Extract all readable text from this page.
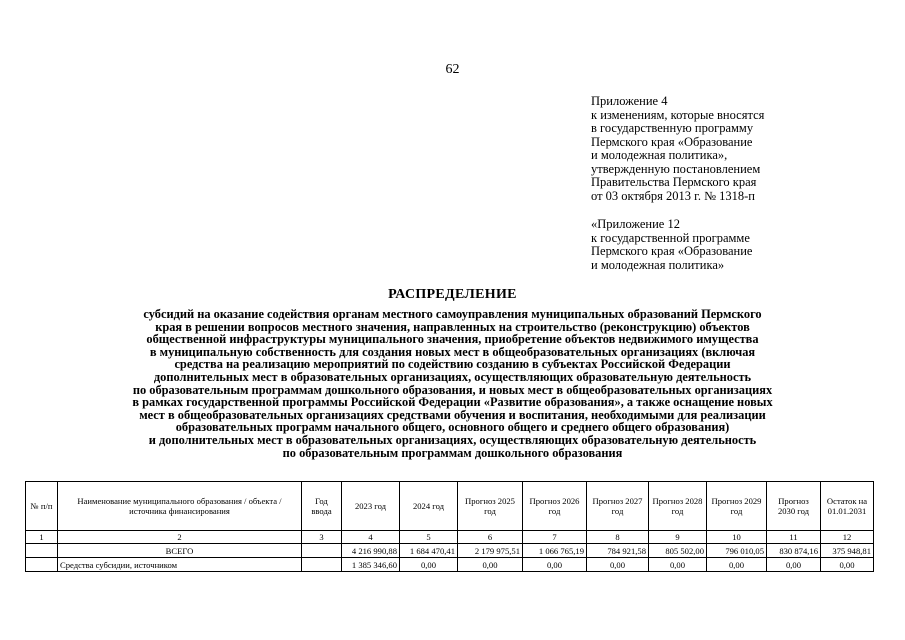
62
Приложение 4
к изменениям, которые вносятся
в государственную программу
Пермского края «Образование
и молодежная политика»,
утвержденную постановлением
Правительства Пермского края
от 03 октября 2013 г. № 1318-п
«Приложение 12
к государственной программе
Пермского края «Образование
и молодежная политика»
РАСПРЕДЕЛЕНИЕ
субсидий на оказание содействия органам местного самоуправления муниципальных образований Пермского
края в решении вопросов местного значения, направленных на строительство (реконструкцию) объектов
общественной инфраструктуры муниципального значения, приобретение объектов недвижимого имущества
в муниципальную собственность для создания новых мест в общеобразовательных организациях (включая
средства на реализацию мероприятий по содействию созданию в субъектах Российской Федерации
дополнительных мест в образовательных организациях, осуществляющих образовательную деятельность
по образовательным программам дошкольного образования, и новых мест в общеобразовательных организациях
в рамках государственной программы Российской Федерации «Развитие образования», а также оснащение новых
мест в общеобразовательных организациях средствами обучения и воспитания, необходимыми для реализации
образовательных программ начального общего, основного общего и среднего общего образования)
и дополнительных мест в образовательных организациях, осуществляющих образовательную деятельность
по образовательным программам дошкольного образования
№ п/п	Наименование муниципального образования / объекта / источника финансирования	Год ввода	2023 год	2024 год	Прогноз 2025 год	Прогноз 2026 год	Прогноз 2027 год	Прогноз 2028 год	Прогноз 2029 год	Прогноз 2030 год	Остаток на 01.01.2031
1	2	3	4	5	6	7	8	9	10	11	12
	ВСЕГО		4 216 990,88	1 684 470,41	2 179 975,51	1 066 765,19	784 921,58	805 502,00	796 010,05	830 874,16	375 948,81
	Средства субсидии, источником		1 385 346,60	0,00	0,00	0,00	0,00	0,00	0,00	0,00	0,00
